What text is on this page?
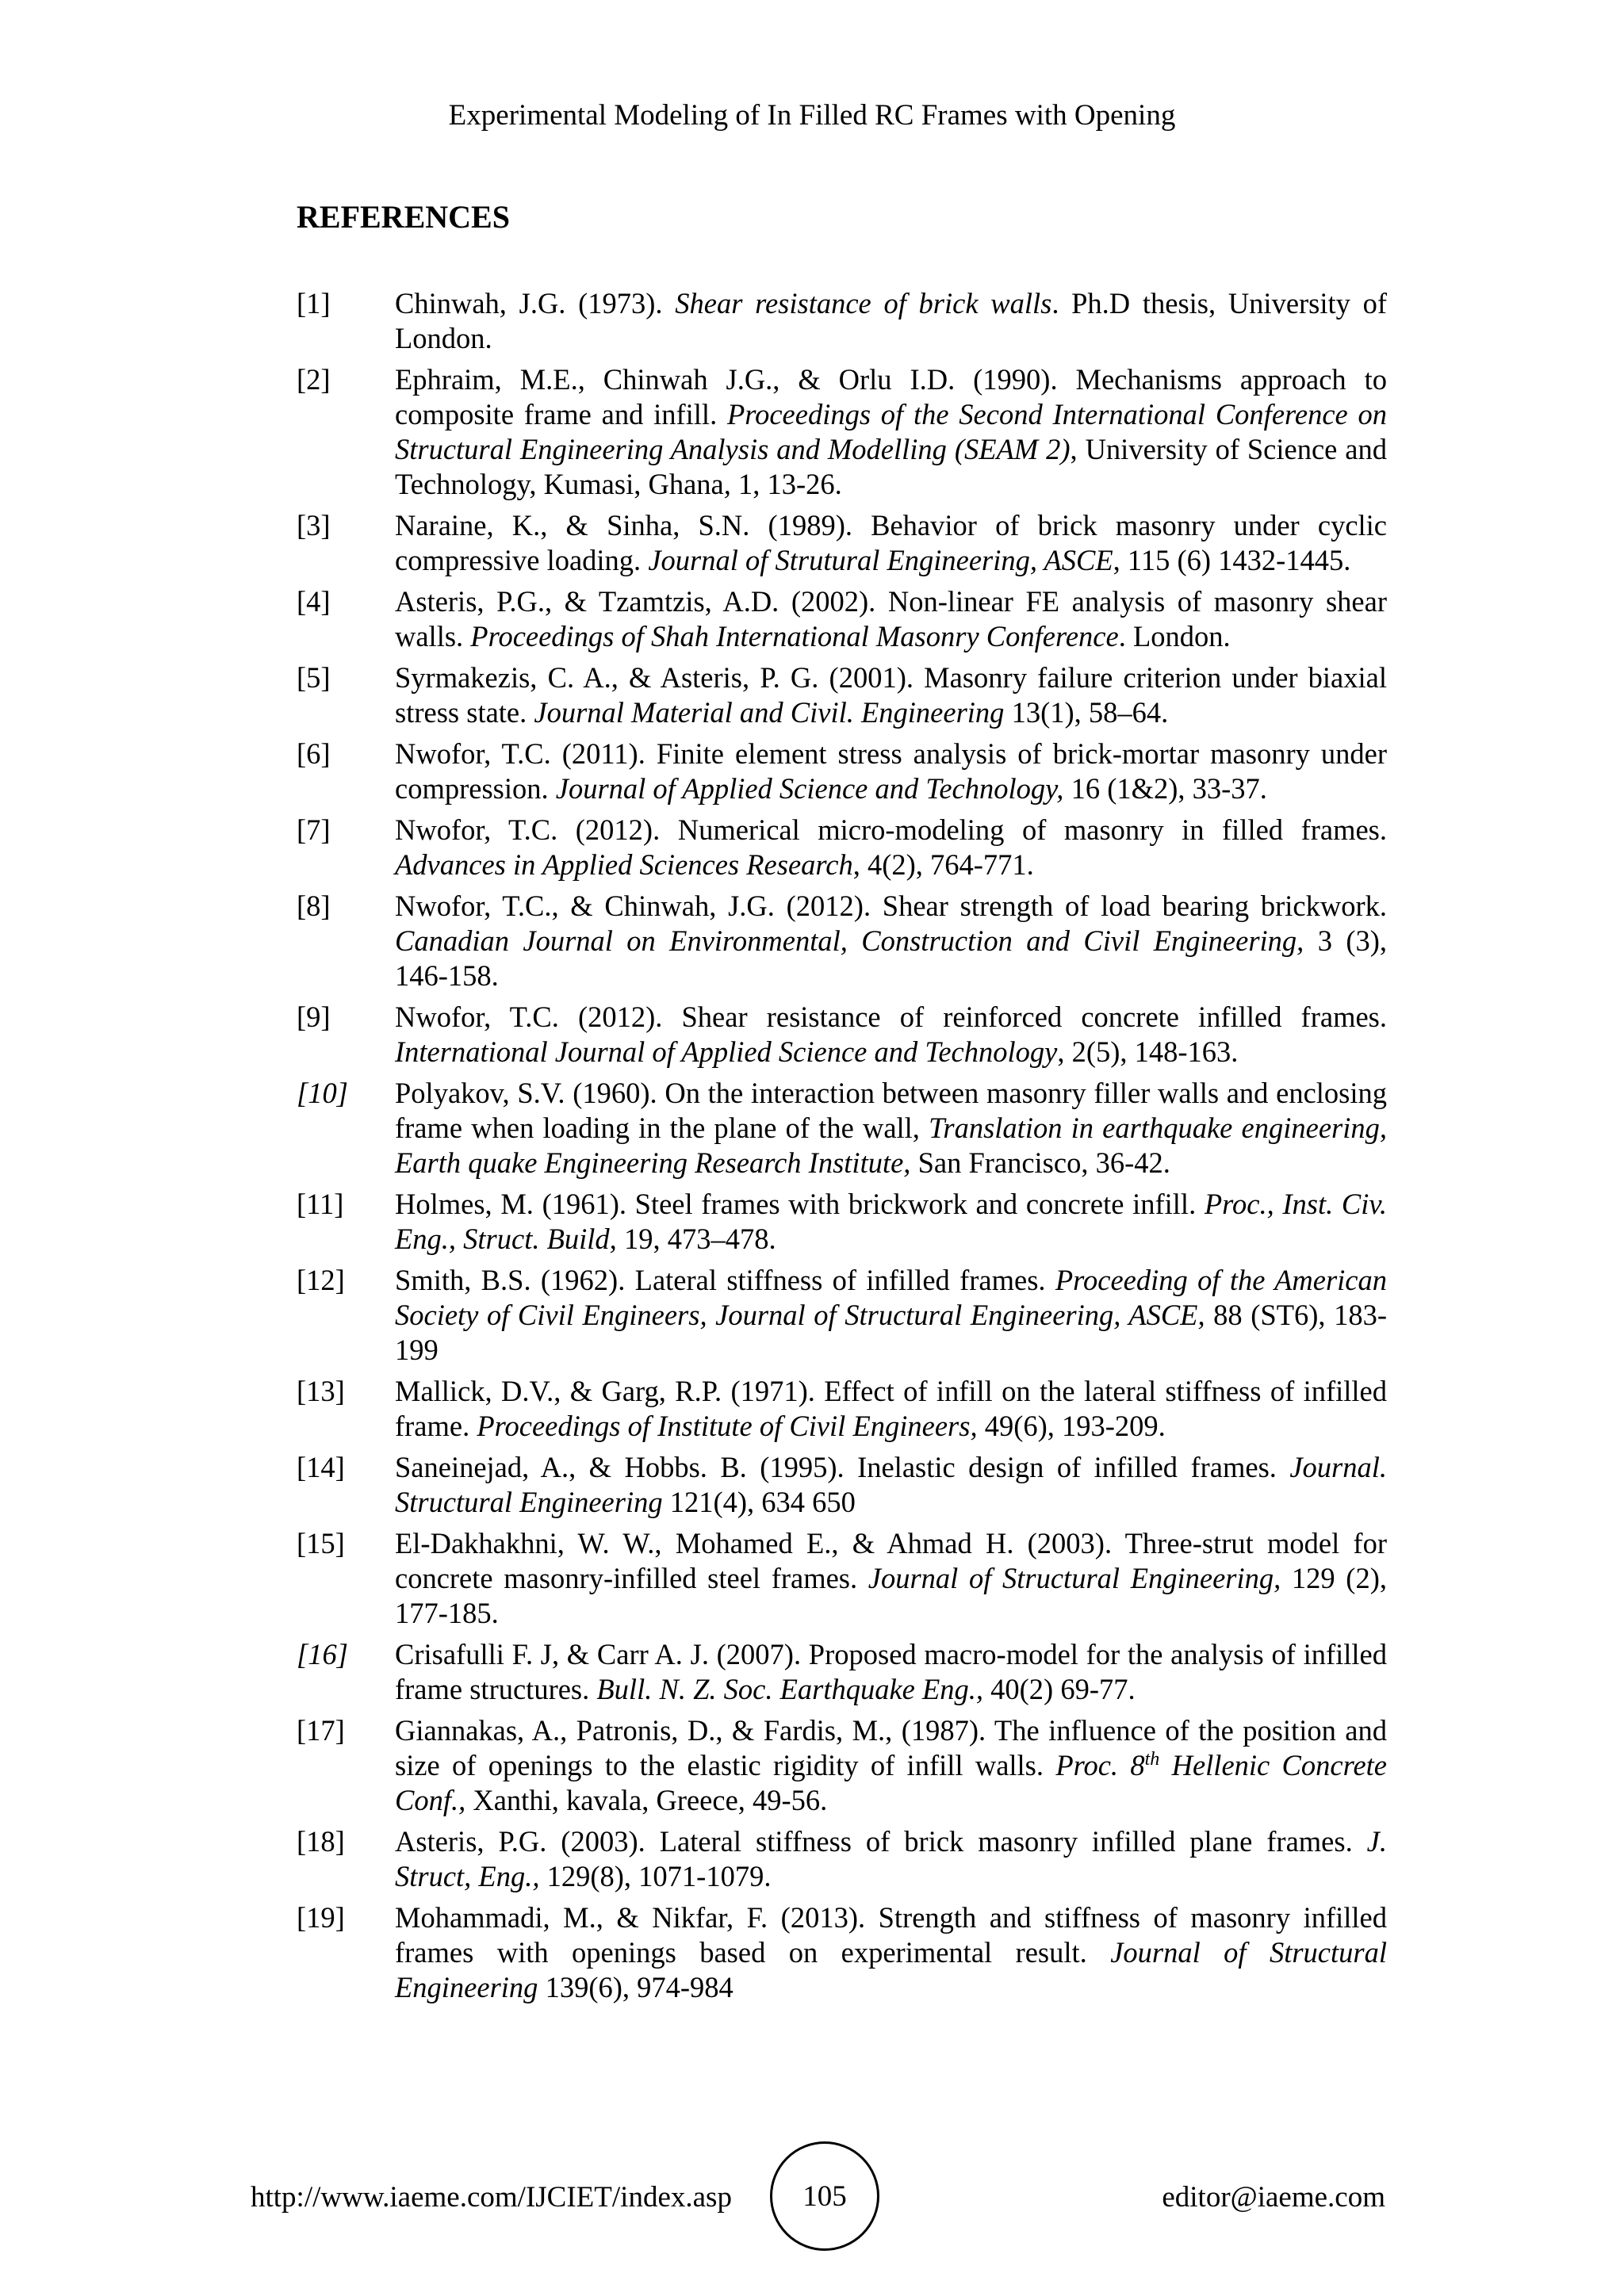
Experimental Modeling of In Filled RC Frames with Opening
REFERENCES
[1]	Chinwah, J.G. (1973). Shear resistance of brick walls. Ph.D thesis, University of London.
[2]	Ephraim, M.E., Chinwah J.G., & Orlu I.D. (1990). Mechanisms approach to composite frame and infill. Proceedings of the Second International Conference on Structural Engineering Analysis and Modelling (SEAM 2), University of Science and Technology, Kumasi, Ghana, 1, 13-26.
[3]	Naraine, K., & Sinha, S.N. (1989). Behavior of brick masonry under cyclic compressive loading. Journal of Strutural Engineering, ASCE, 115 (6) 1432-1445.
[4]	Asteris, P.G., & Tzamtzis, A.D. (2002). Non-linear FE analysis of masonry shear walls. Proceedings of Shah International Masonry Conference. London.
[5]	Syrmakezis, C. A., & Asteris, P. G. (2001). Masonry failure criterion under biaxial stress state. Journal Material and Civil. Engineering 13(1), 58–64.
[6]	Nwofor, T.C. (2011). Finite element stress analysis of brick-mortar masonry under compression. Journal of Applied Science and Technology, 16 (1&2), 33-37.
[7]	Nwofor, T.C. (2012). Numerical micro-modeling of masonry in filled frames. Advances in Applied Sciences Research, 4(2), 764-771.
[8]	Nwofor, T.C., & Chinwah, J.G. (2012). Shear strength of load bearing brickwork. Canadian Journal on Environmental, Construction and Civil Engineering, 3 (3), 146-158.
[9]	Nwofor, T.C. (2012). Shear resistance of reinforced concrete infilled frames. International Journal of Applied Science and Technology, 2(5), 148-163.
[10]	Polyakov, S.V. (1960). On the interaction between masonry filler walls and enclosing frame when loading in the plane of the wall, Translation in earthquake engineering, Earth quake Engineering Research Institute, San Francisco, 36-42.
[11]	Holmes, M. (1961). Steel frames with brickwork and concrete infill. Proc., Inst. Civ. Eng., Struct. Build, 19, 473–478.
[12]	Smith, B.S. (1962). Lateral stiffness of infilled frames. Proceeding of the American Society of Civil Engineers, Journal of Structural Engineering, ASCE, 88 (ST6), 183-199
[13]	Mallick, D.V., & Garg, R.P. (1971). Effect of infill on the lateral stiffness of infilled frame. Proceedings of Institute of Civil Engineers, 49(6), 193-209.
[14]	Saneinejad, A., & Hobbs. B. (1995). Inelastic design of infilled frames. Journal. Structural Engineering 121(4), 634 650
[15]	El-Dakhakhni, W. W., Mohamed E., & Ahmad H. (2003). Three-strut model for concrete masonry-infilled steel frames. Journal of Structural Engineering, 129 (2), 177-185.
[16]	Crisafulli F. J, & Carr A. J. (2007). Proposed macro-model for the analysis of infilled frame structures. Bull. N. Z. Soc. Earthquake Eng., 40(2) 69-77.
[17]	Giannakas, A., Patronis, D., & Fardis, M., (1987). The influence of the position and size of openings to the elastic rigidity of infill walls. Proc. 8th Hellenic Concrete Conf., Xanthi, kavala, Greece, 49-56.
[18]	Asteris, P.G. (2003). Lateral stiffness of brick masonry infilled plane frames. J. Struct, Eng., 129(8), 1071-1079.
[19]	Mohammadi, M., & Nikfar, F. (2013). Strength and stiffness of masonry infilled frames with openings based on experimental result. Journal of Structural Engineering 139(6), 974-984
http://www.iaeme.com/IJCIET/index.asp 105	editor@iaeme.com
